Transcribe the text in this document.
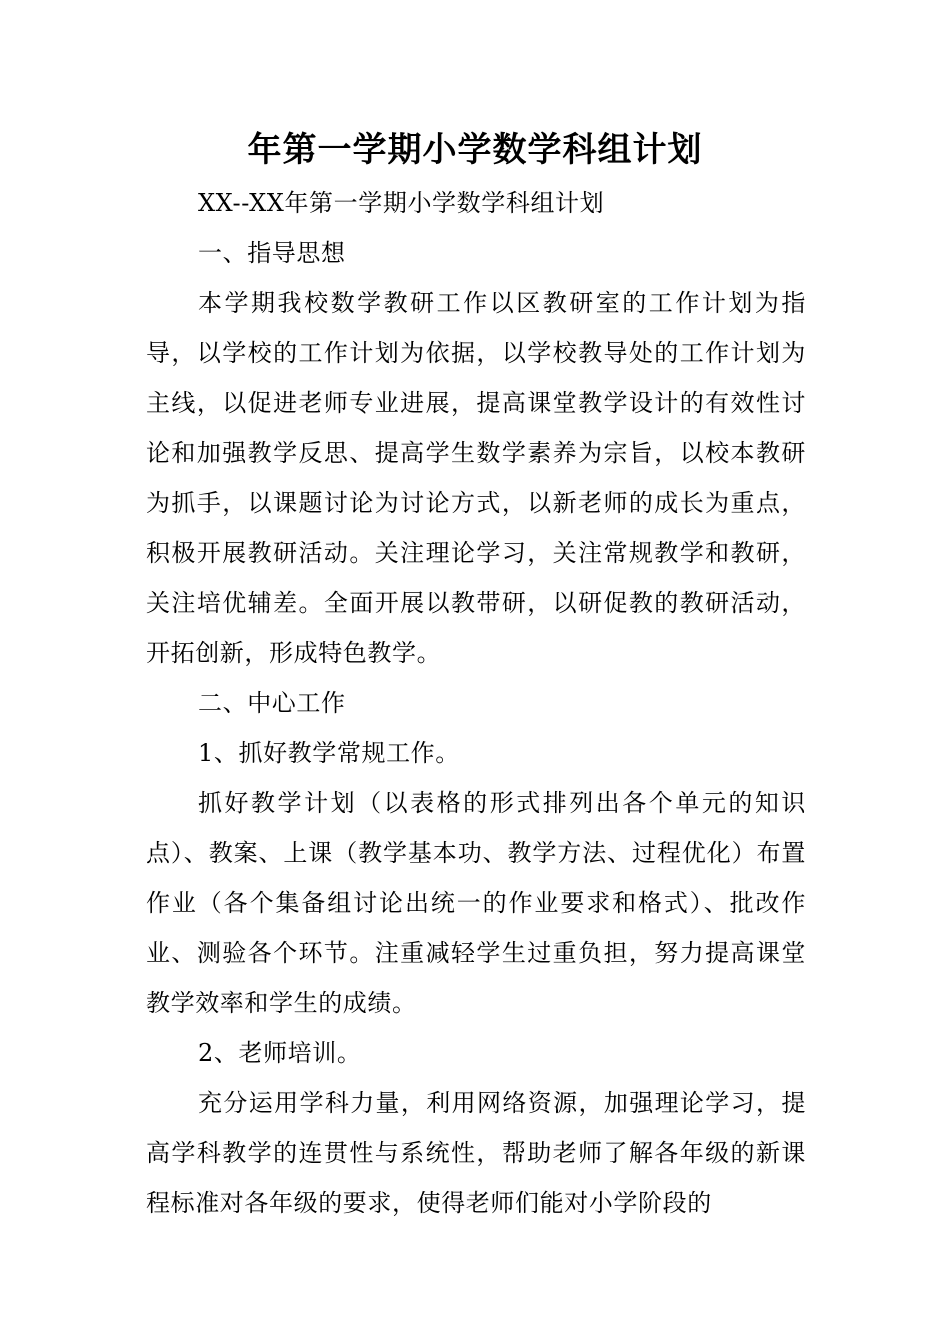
年第一学期小学数学科组计划

XX--XX年第一学期小学数学科组计划

一、指导思想

本学期我校数学教研工作以区教研室的工作计划为指导，以学校的工作计划为依据，以学校教导处的工作计划为主线，以促进老师专业进展，提高课堂教学设计的有效性讨论和加强教学反思、提高学生数学素养为宗旨，以校本教研为抓手，以课题讨论为讨论方式，以新老师的成长为重点，积极开展教研活动。关注理论学习，关注常规教学和教研，关注培优辅差。全面开展以教带研，以研促教的教研活动，开拓创新，形成特色教学。

二、中心工作

1、抓好教学常规工作。

抓好教学计划（以表格的形式排列出各个单元的知识点）、教案、上课（教学基本功、教学方法、过程优化）布置作业（各个集备组讨论出统一的作业要求和格式）、批改作业、测验各个环节。注重减轻学生过重负担，努力提高课堂教学效率和学生的成绩。

2、老师培训。

充分运用学科力量，利用网络资源，加强理论学习，提高学科教学的连贯性与系统性，帮助老师了解各年级的新课程标准对各年级的要求，使得老师们能对小学阶段的
